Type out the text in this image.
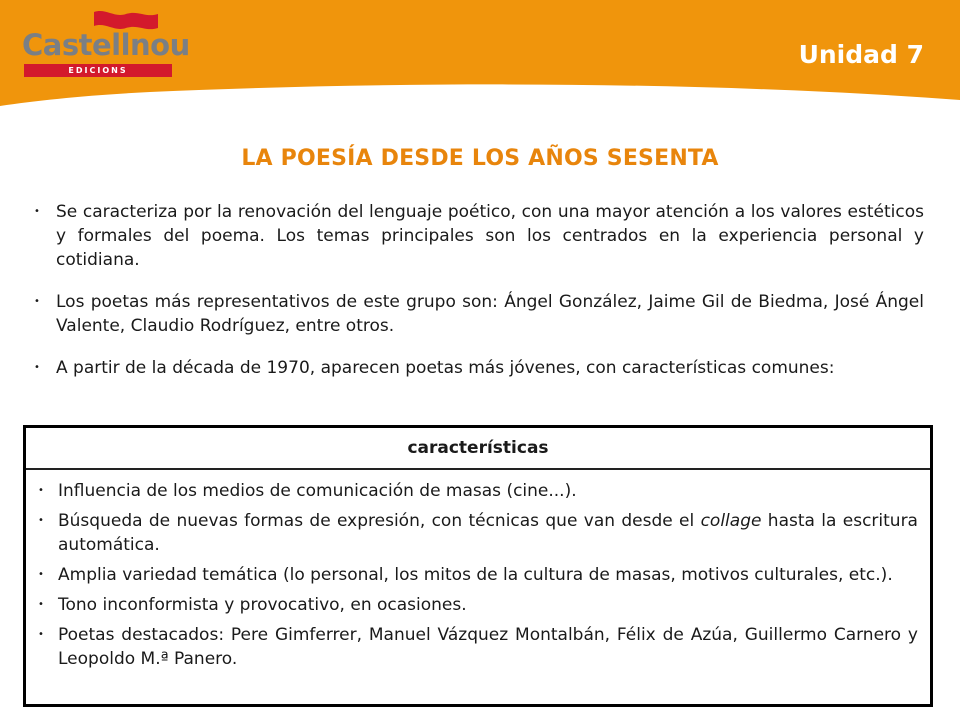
Castellnou
EDICIONS
Unidad 7
LA POESÍA DESDE LOS AÑOS SESENTA
• Se caracteriza por la renovación del lenguaje poético, con una mayor atención a los valores estéticos y formales del poema. Los temas principales son los centrados en la experiencia personal y cotidiana.
• Los poetas más representativos de este grupo son: Ángel González, Jaime Gil de Biedma, José Ángel Valente, Claudio Rodríguez, entre otros.
• A partir de la década de 1970, aparecen poetas más jóvenes, con características comunes:
características
• Influencia de los medios de comunicación de masas (cine...).
• Búsqueda de nuevas formas de expresión, con técnicas que van desde el collage hasta la escritura automática.
• Amplia variedad temática (lo personal, los mitos de la cultura de masas, motivos culturales, etc.).
• Tono inconformista y provocativo, en ocasiones.
• Poetas destacados: Pere Gimferrer, Manuel Vázquez Montalbán, Félix de Azúa, Guillermo Carnero y Leopoldo M.ª Panero.
